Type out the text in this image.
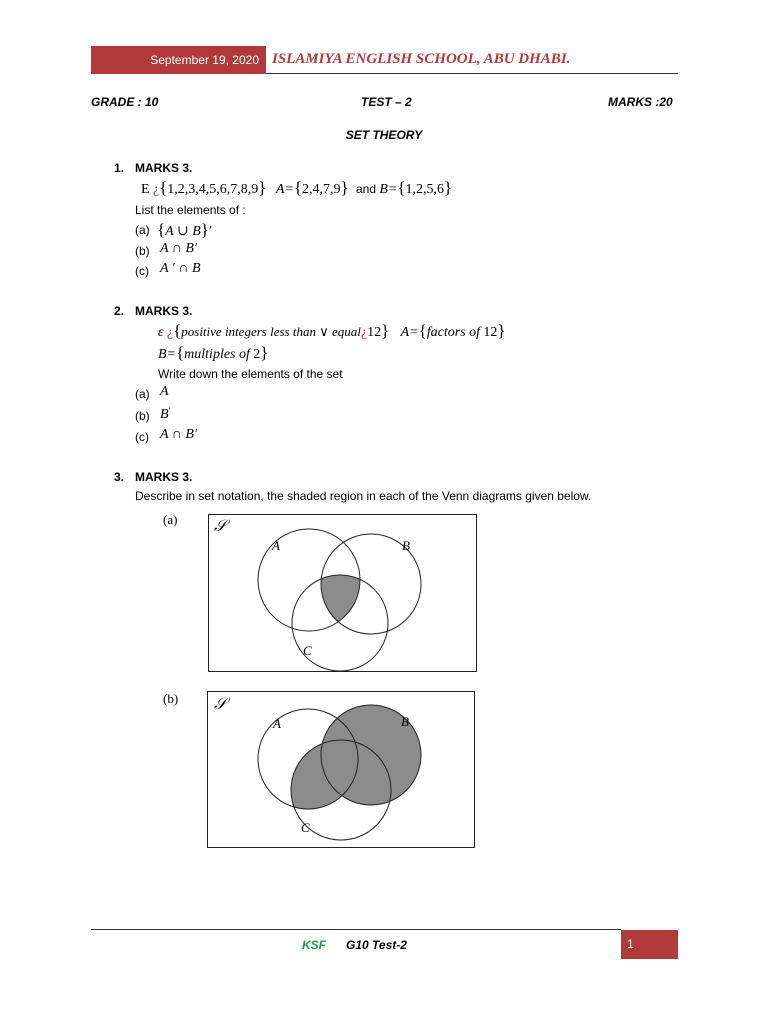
September 19, 2020 ISLAMIYA ENGLISH SCHOOL, ABU DHABI.
GRADE : 10	TEST – 2	MARKS :20
SET THEORY
1. MARKS 3.
E ¿{1,2,3,4,5,6,7,8,9} A={2,4,7,9} and B={1,2,5,6}
List the elements of :
(a) {A ∪ B}′
(b) A ∩ B′
(c) A ′ ∩ B
2. MARKS 3.
ε ¿{positive integers less than ∨ equal¿12} A={factors of 12}
B={multiples of 2}
Write down the elements of the set
(a) A
(b) B′
(c) A ∩ B′
3. MARKS 3.
Describe in set notation, the shaded region in each of the Venn diagrams given below.
(a) 𝒮
A	B
C
(b) 𝒮
A	B
C
KSF G10 Test-2	1
